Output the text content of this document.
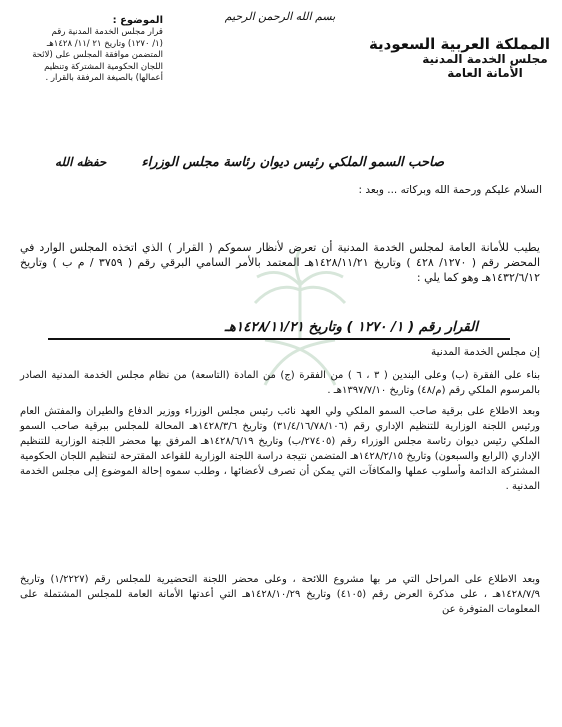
بسم الله الرحمن الرحيم
المملكة العربية السعودية
مجلس الخدمة المدنية
الأمانة العامة
الموضوع :
قرار مجلس الخدمة المدنية رقم
(١/ ١٢٧٠) وتاريخ ٢١ /١١/ ١٤٢٨هـ
المتضمن موافقة المجلس على (لائحة
اللجان الحكومية المشتركة وتنظيم
أعمالها) بالصيغة المرفقة بالقرار .
صاحب السمو الملكي رئيس ديوان رئاسة مجلس الوزراء
حفظه الله
السلام عليكم ورحمة الله وبركاته ... وبعد :
يطيب للأمانة العامة لمجلس الخدمة المدنية أن تعرض لأنظار سموكم ( القرار ) الذي اتخذه المجلس الوارد في المحضر رقم ( ١٢٧٠/ ٤٢٨ ) وتاريخ ١٤٢٨/١١/٢١هـ المعتمد بالأمر السامي البرقي رقم ( ٣٧٥٩ / م ب ) وتاريخ ١٤٣٢/٦/١٢هـ وهو كما يلي :
القرار رقم ( ١/ ١٢٧٠ ) وتاريخ ١٤٢٨/١١/٢١هـ
إن مجلس الخدمة المدنية
بناء على الفقرة (ب) وعلى البندين ( ٣ ، ٦ ) من الفقرة (ج) من المادة (التاسعة) من نظام مجلس الخدمة المدنية الصادر بالمرسوم الملكي رقم (م/٤٨) وتاريخ ١٣٩٧/٧/١٠هـ .
وبعد الاطلاع على برقية صاحب السمو الملكي ولي العهد نائب رئيس مجلس الوزراء ووزير الدفاع والطيران والمفتش العام ورئيس اللجنة الوزارية للتنظيم الإداري رقم (٣١/٤/١٦/٧٨/١٠٦) وتاريخ ١٤٢٨/٣/٦هـ المحالة للمجلس ببرقية صاحب السمو الملكي رئيس ديوان رئاسة مجلس الوزراء رقم (٢٧٤٠٥/ب) وتاريخ ١٤٢٨/٦/١٩هـ المرفق بها محضر اللجنة الوزارية للتنظيم الإداري (الرابع والسبعون) وتاريخ ١٤٢٨/٢/١٥هـ المتضمن نتيجة دراسة اللجنة الوزارية للقواعد المقترحة لتنظيم اللجان الحكومية المشتركة الدائمة وأسلوب عملها والمكافآت التي يمكن أن تصرف لأعضائها ، وطلب سموه إحالة الموضوع إلى مجلس الخدمة المدنية .
وبعد الاطلاع على المراحل التي مر بها مشروع اللائحة ، وعلى محضر اللجنة التحضيرية للمجلس رقم (١/٢٢٢٧) وتاريخ ١٤٢٨/٧/٩هـ ، على مذكرة العرض رقم (٤١٠٥) وتاريخ ١٤٢٨/١٠/٢٩هـ التي أعدتها الأمانة العامة للمجلس المشتملة على المعلومات المتوفرة عن
